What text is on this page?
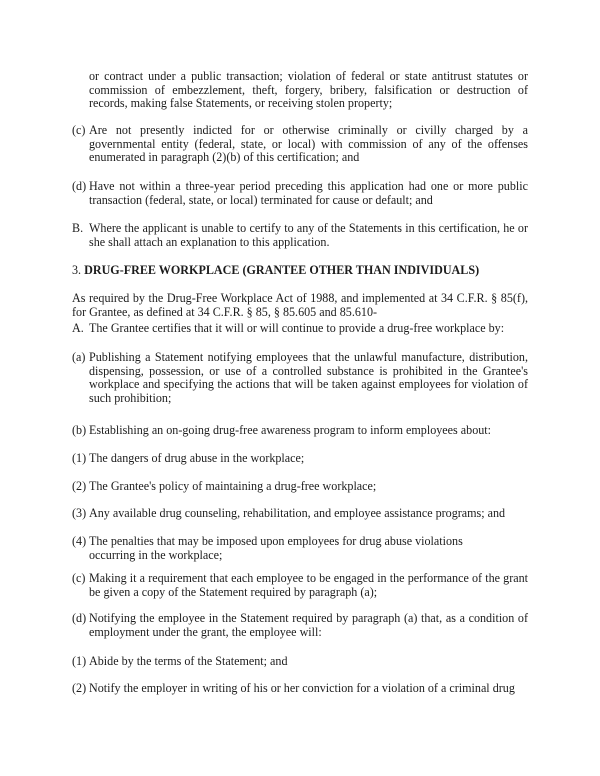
or contract under a public transaction; violation of federal or state antitrust statutes or commission of embezzlement, theft, forgery, bribery, falsification or destruction of records, making false Statements, or receiving stolen property;
(c) Are not presently indicted for or otherwise criminally or civilly charged by a governmental entity (federal, state, or local) with commission of any of the offenses enumerated in paragraph (2)(b) of this certification; and
(d) Have not within a three-year period preceding this application had one or more public transaction (federal, state, or local) terminated for cause or default; and
B. Where the applicant is unable to certify to any of the Statements in this certification, he or she shall attach an explanation to this application.
3. DRUG-FREE WORKPLACE (GRANTEE OTHER THAN INDIVIDUALS)
As required by the Drug-Free Workplace Act of 1988, and implemented at 34 C.F.R. § 85(f), for Grantee, as defined at 34 C.F.R. § 85, § 85.605 and 85.610-
A. The Grantee certifies that it will or will continue to provide a drug-free workplace by:
(a) Publishing a Statement notifying employees that the unlawful manufacture, distribution, dispensing, possession, or use of a controlled substance is prohibited in the Grantee's workplace and specifying the actions that will be taken against employees for violation of such prohibition;
(b) Establishing an on-going drug-free awareness program to inform employees about:
(1) The dangers of drug abuse in the workplace;
(2) The Grantee's policy of maintaining a drug-free workplace;
(3) Any available drug counseling, rehabilitation, and employee assistance programs; and
(4) The penalties that may be imposed upon employees for drug abuse violations occurring in the workplace;
(c) Making it a requirement that each employee to be engaged in the performance of the grant be given a copy of the Statement required by paragraph (a);
(d) Notifying the employee in the Statement required by paragraph (a) that, as a condition of employment under the grant, the employee will:
(1) Abide by the terms of the Statement; and
(2) Notify the employer in writing of his or her conviction for a violation of a criminal drug
